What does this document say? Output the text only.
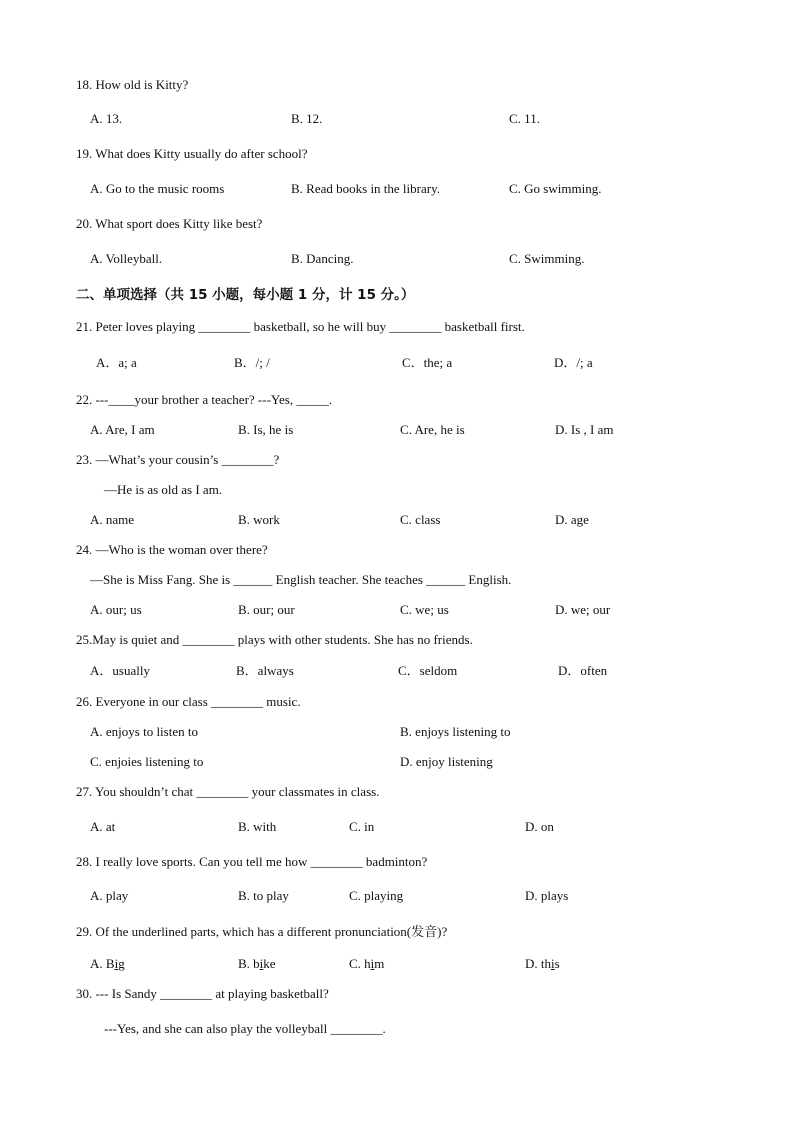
18. How old is Kitty?
A. 13.	B. 12.	C. 11.
19. What does Kitty usually do after school?
A. Go to the music rooms	B. Read books in the library.	C. Go swimming.
20. What sport does Kitty like best?
A. Volleyball.	B. Dancing.	C. Swimming.
二、单项选择（共 15 小题，每小题 1 分，计 15 分。）
21. Peter loves playing ________ basketball, so he will buy ________ basketball first.
A．a; a	B．/; /	C．the; a	D．/; a
22. ---____your brother a teacher? ---Yes, _____.
A. Are, I am	B. Is, he is	C. Are, he is	D. Is , I am
23. —What’s your cousin’s ________?
—He is as old as I am.
A. name	B. work	C. class	D. age
24. —Who is the woman over there?
—She is Miss Fang. She is ______ English teacher. She teaches ______ English.
A. our; us	B. our; our	C. we; us	D. we; our
25.May is quiet and ________ plays with other students. She has no friends.
A．usually	B．always	C．seldom	D．often
26. Everyone in our class ________ music.
A. enjoys to listen to	B. enjoys listening to
C. enjoies listening to	D. enjoy listening
27. You shouldn’t chat ________ your classmates in class.
A. at	B. with	C. in	D. on
28. I really love sports. Can you tell me how ________ badminton?
A. play	B. to play	C. playing	D. plays
29. Of the underlined parts, which has a different pronunciation(发音)?
A. Big	B. bike	C. him	D. this
30. --- Is Sandy ________ at playing basketball?
---Yes, and she can also play the volleyball ________.
